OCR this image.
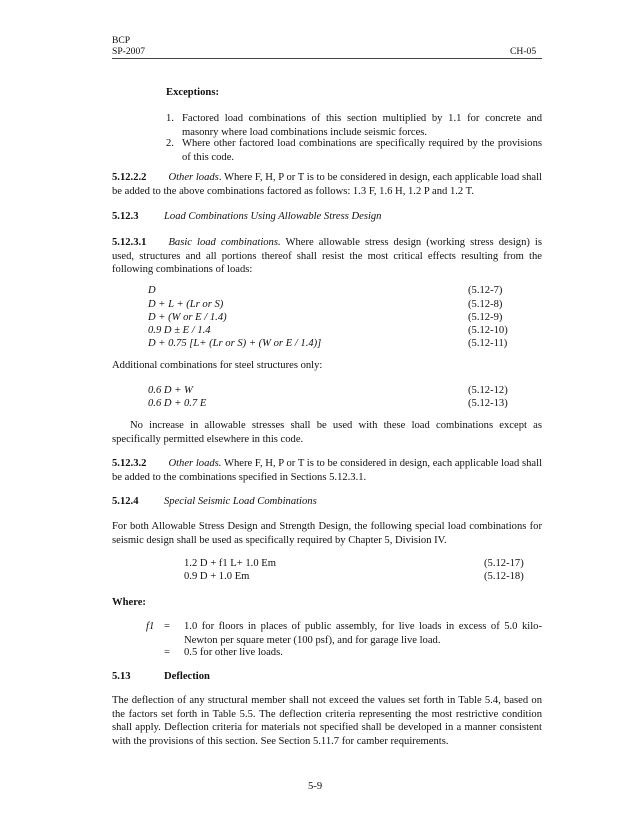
BCP
SP-2007	CH-05
Exceptions:
1. Factored load combinations of this section multiplied by 1.1 for concrete and masonry where load combinations include seismic forces.
2. Where other factored load combinations are specifically required by the provisions of this code.
5.12.2.2 Other loads. Where F, H, P or T is to be considered in design, each applicable load shall be added to the above combinations factored as follows: 1.3 F, 1.6 H, 1.2 P and 1.2 T.
5.12.3 Load Combinations Using Allowable Stress Design
5.12.3.1 Basic load combinations. Where allowable stress design (working stress design) is used, structures and all portions thereof shall resist the most critical effects resulting from the following combinations of loads:
D	(5.12-7)
D + L + (Lr or S)	(5.12-8)
D + (W or E / 1.4)	(5.12-9)
0.9 D ± E / 1.4	(5.12-10)
D + 0.75 [L+ (Lr or S) + (W or E / 1.4)]	(5.12-11)
Additional combinations for steel structures only:
0.6 D + W	(5.12-12)
0.6 D + 0.7 E	(5.12-13)
No increase in allowable stresses shall be used with these load combinations except as specifically permitted elsewhere in this code.
5.12.3.2 Other loads. Where F, H, P or T is to be considered in design, each applicable load shall be added to the combinations specified in Sections 5.12.3.1.
5.12.4 Special Seismic Load Combinations
For both Allowable Stress Design and Strength Design, the following special load combinations for seismic design shall be used as specifically required by Chapter 5, Division IV.
1.2 D + f1 L+ 1.0 Em	(5.12-17)
0.9 D + 1.0 Em	(5.12-18)
Where:
f1 = 1.0 for floors in places of public assembly, for live loads in excess of 5.0 kilo-Newton per square meter (100 psf), and for garage live load.
= 0.5 for other live loads.
5.13	Deflection
The deflection of any structural member shall not exceed the values set forth in Table 5.4, based on the factors set forth in Table 5.5. The deflection criteria representing the most restrictive condition shall apply. Deflection criteria for materials not specified shall be developed in a manner consistent with the provisions of this section. See Section 5.11.7 for camber requirements.
5-9
